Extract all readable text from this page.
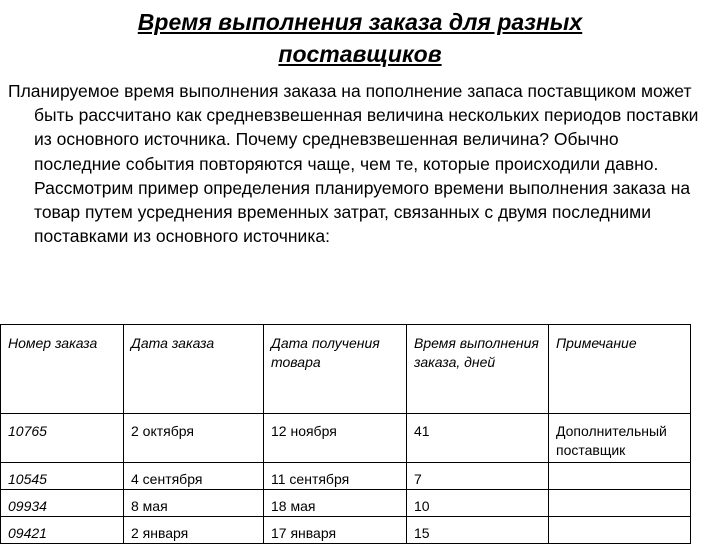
Время выполнения заказа для разных поставщиков
Планируемое время выполнения заказа на пополнение запаса поставщиком может быть рассчитано как средневзвешенная величина нескольких периодов поставки из основного источника. Почему средневзвешенная величина? Обычно последние события повторяются чаще, чем те, которые происходили давно. Рассмотрим пример определения планируемого времени выполнения заказа на товар путем усреднения временных затрат, связанных с двумя последними поставками из основного источника:
Номер заказа	Дата заказа	Дата получения товара	Время выполнения заказа, дней	Примечание
10765	2 октября	12 ноября	41	Дополнительный поставщик
10545	4 сентября	11 сентября	7	
09934	8 мая	18 мая	10	
09421	2 января	17 января	15	
